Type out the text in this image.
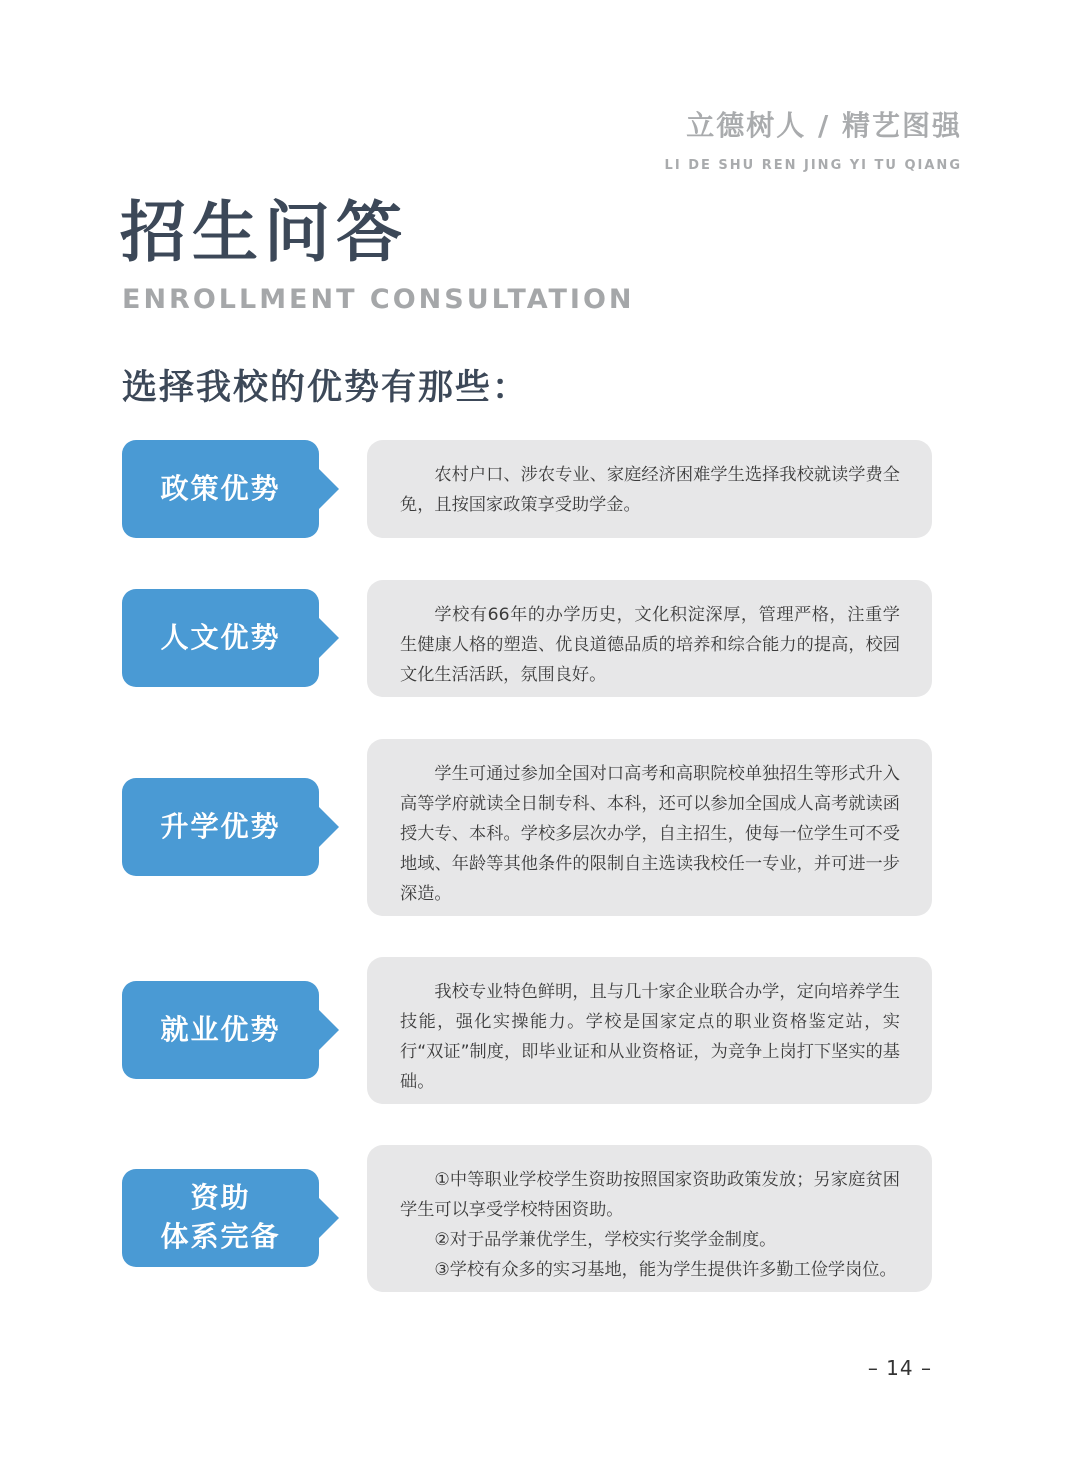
立德树人 / 精艺图强
LI DE SHU REN JING YI TU QIANG
招生问答
ENROLLMENT CONSULTATION
选择我校的优势有那些：
政策优势	农村户口、涉农专业、家庭经济困难学生选择我校就读学费全免，且按国家政策享受助学金。

人文优势

学校有66年的办学历史，文化积淀深厚，管理严格，注重学生健康人格的塑造、优良道德品质的培养和综合能力的提高，校园文化生活活跃，氛围良好。

升学优势

学生可通过参加全国对口高考和高职院校单独招生等形式升入高等学府就读全日制专科、本科，还可以参加全国成人高考就读函授大专、本科。学校多层次办学，自主招生，使每一位学生可不受地域、年龄等其他条件的限制自主选读我校任一专业，并可进一步深造。

就业优势

我校专业特色鲜明，且与几十家企业联合办学，定向培养学生技能，强化实操能力。学校是国家定点的职业资格鉴定站，实行“双证”制度，即毕业证和从业资格证，为竞争上岗打下坚实的基础。

资助
体系完备

①中等职业学校学生资助按照国家资助政策发放；另家庭贫困学生可以享受学校特困资助。

②对于品学兼优学生，学校实行奖学金制度。

③学校有众多的实习基地，能为学生提供许多勤工俭学岗位。

– 14 –
